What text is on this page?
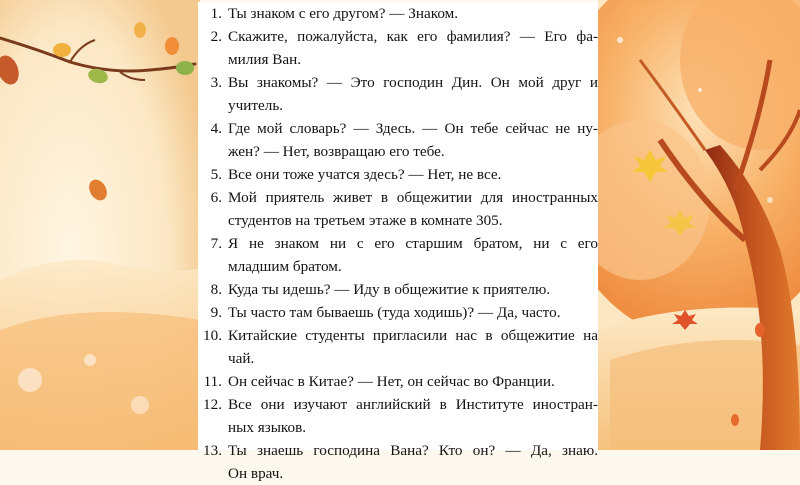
1. Ты знаком с его другом? — Знаком.
2. Скажите, пожалуйста, как его фамилия? — Его фа-
милия Ван.
3. Вы знакомы? — Это господин Дин. Он мой друг и
учитель.
4. Где мой словарь? — Здесь. — Он тебе сейчас не ну-
жен? — Нет, возвращаю его тебе.
5. Все они тоже учатся здесь? — Нет, не все.
6. Мой приятель живет в общежитии для иностранных
студентов на третьем этаже в комнате 305.
7. Я не знаком ни с его старшим братом, ни с его
младшим братом.
8. Куда ты идешь? — Иду в общежитие к приятелю.
9. Ты часто там бываешь (туда ходишь)? — Да, часто.
10. Китайские студенты пригласили нас в общежитие на чай.
11. Он сейчас в Китае? — Нет, он сейчас во Франции.
12. Все они изучают английский в Институте иностран-
ных языков.
13. Ты знаешь господина Вана? Кто он? — Да, знаю.
Он врач.
